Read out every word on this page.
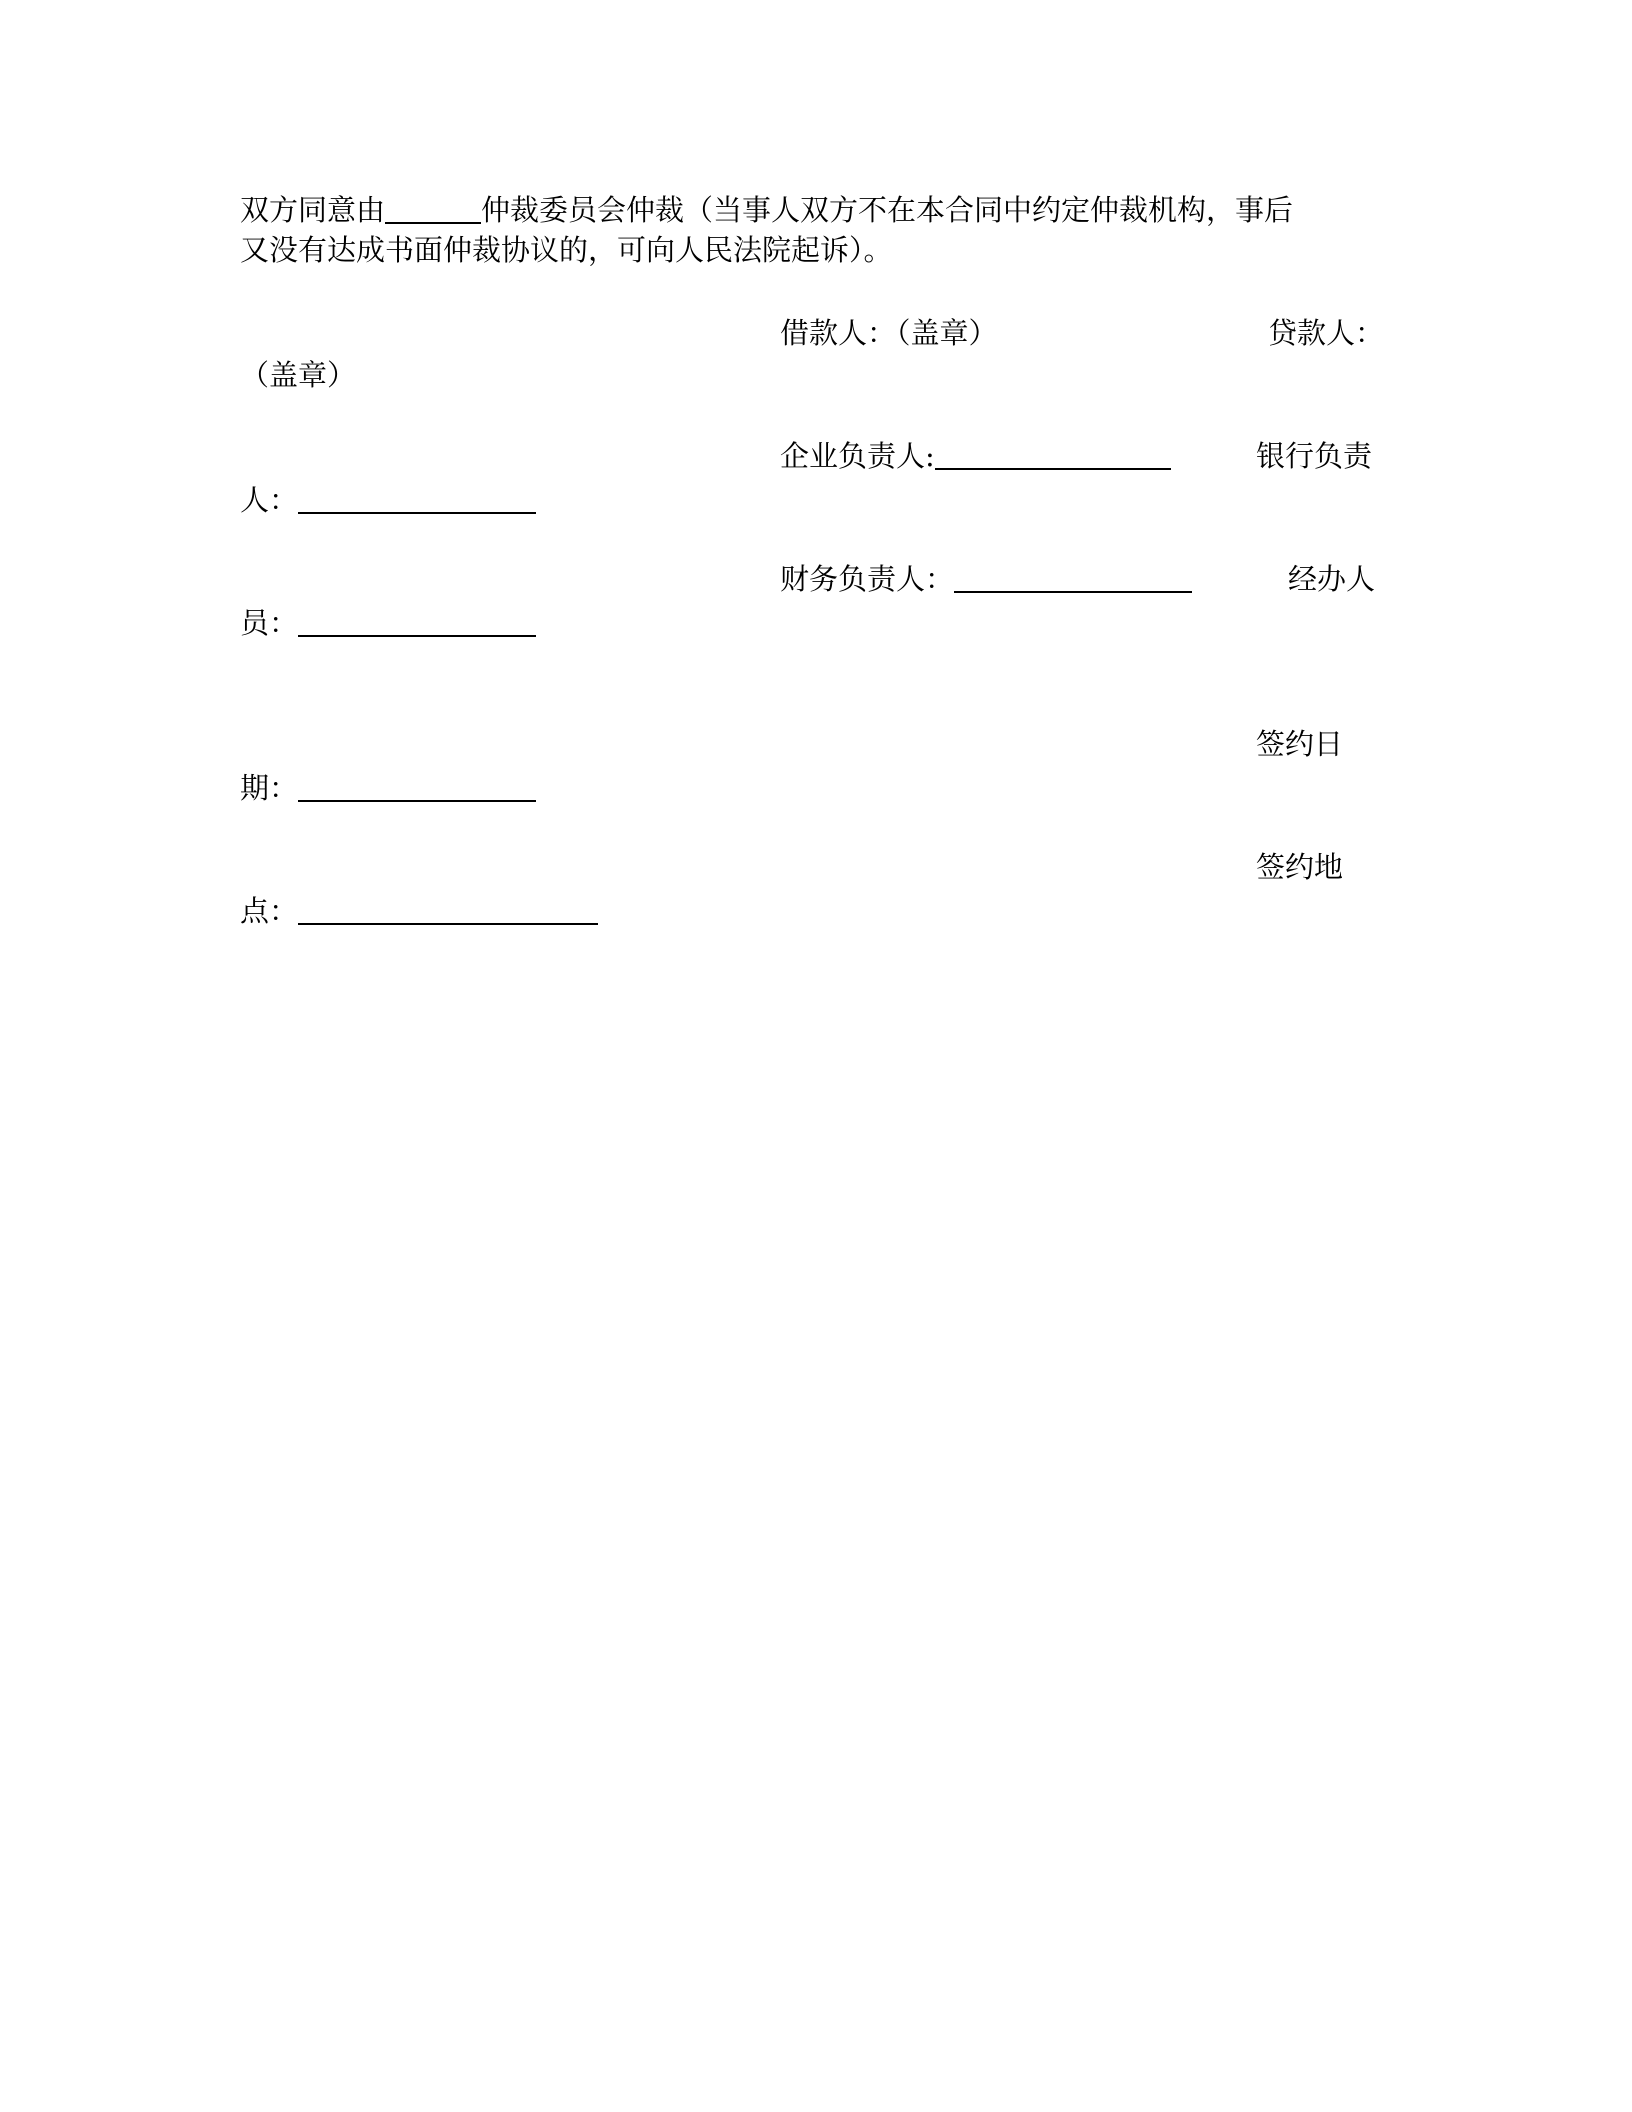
双方同意由	仲裁委员会仲裁（当事人双方不在本合同中约定仲裁机构，事后
又没有达成书面仲裁协议的，可向人民法院起诉）。
借款人：（盖章）	贷款人：
（盖章）
企业负责人:	银行负责
人：
财务负责人：	经办人
员：
签约日
期：
签约地
点：
